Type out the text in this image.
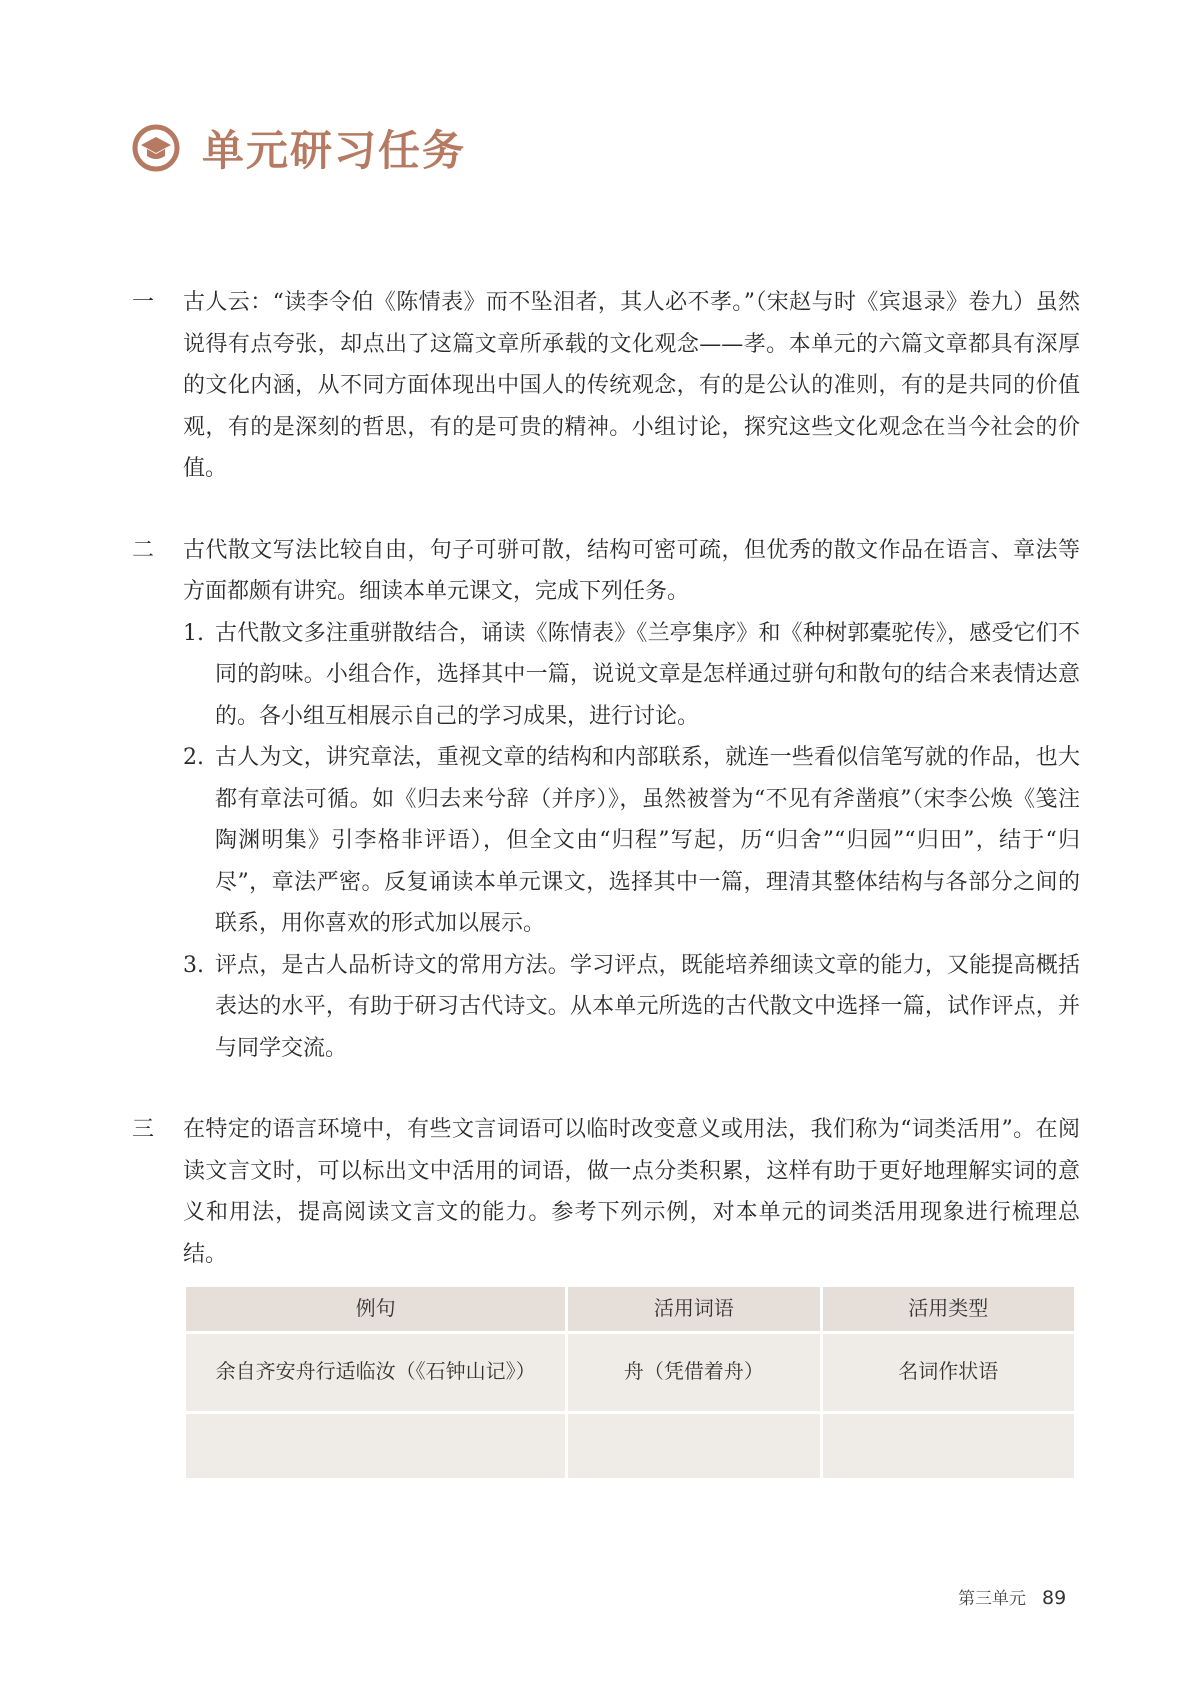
单元研习任务
一	古人云：“读李令伯《陈情表》而不坠泪者，其人必不孝。”（宋赵与时《宾退录》卷九）虽然说得有点夸张，却点出了这篇文章所承载的文化观念——孝。本单元的六篇文章都具有深厚的文化内涵，从不同方面体现出中国人的传统观念，有的是公认的准则，有的是共同的价值观，有的是深刻的哲思，有的是可贵的精神。小组讨论，探究这些文化观念在当今社会的价值。
二	古代散文写法比较自由，句子可骈可散，结构可密可疏，但优秀的散文作品在语言、章法等方面都颇有讲究。细读本单元课文，完成下列任务。
1. 古代散文多注重骈散结合，诵读《陈情表》《兰亭集序》和《种树郭橐驼传》，感受它们不同的韵味。小组合作，选择其中一篇，说说文章是怎样通过骈句和散句的结合来表情达意的。各小组互相展示自己的学习成果，进行讨论。
2. 古人为文，讲究章法，重视文章的结构和内部联系，就连一些看似信笔写就的作品，也大都有章法可循。如《归去来兮辞（并序）》，虽然被誉为“不见有斧凿痕”（宋李公焕《笺注陶渊明集》引李格非评语），但全文由“归程”写起，历“归舍”“归园”“归田”，结于“归尽”，章法严密。反复诵读本单元课文，选择其中一篇，理清其整体结构与各部分之间的联系，用你喜欢的形式加以展示。
3. 评点，是古人品析诗文的常用方法。学习评点，既能培养细读文章的能力，又能提高概括表达的水平，有助于研习古代诗文。从本单元所选的古代散文中选择一篇，试作评点，并与同学交流。
三	在特定的语言环境中，有些文言词语可以临时改变意义或用法，我们称为“词类活用”。在阅读文言文时，可以标出文中活用的词语，做一点分类积累，这样有助于更好地理解实词的意义和用法，提高阅读文言文的能力。参考下列示例，对本单元的词类活用现象进行梳理总结。
例句	活用词语	活用类型
余自齐安舟行适临汝（《石钟山记》）	舟（凭借着舟）	名词作状语

第三单元 89
